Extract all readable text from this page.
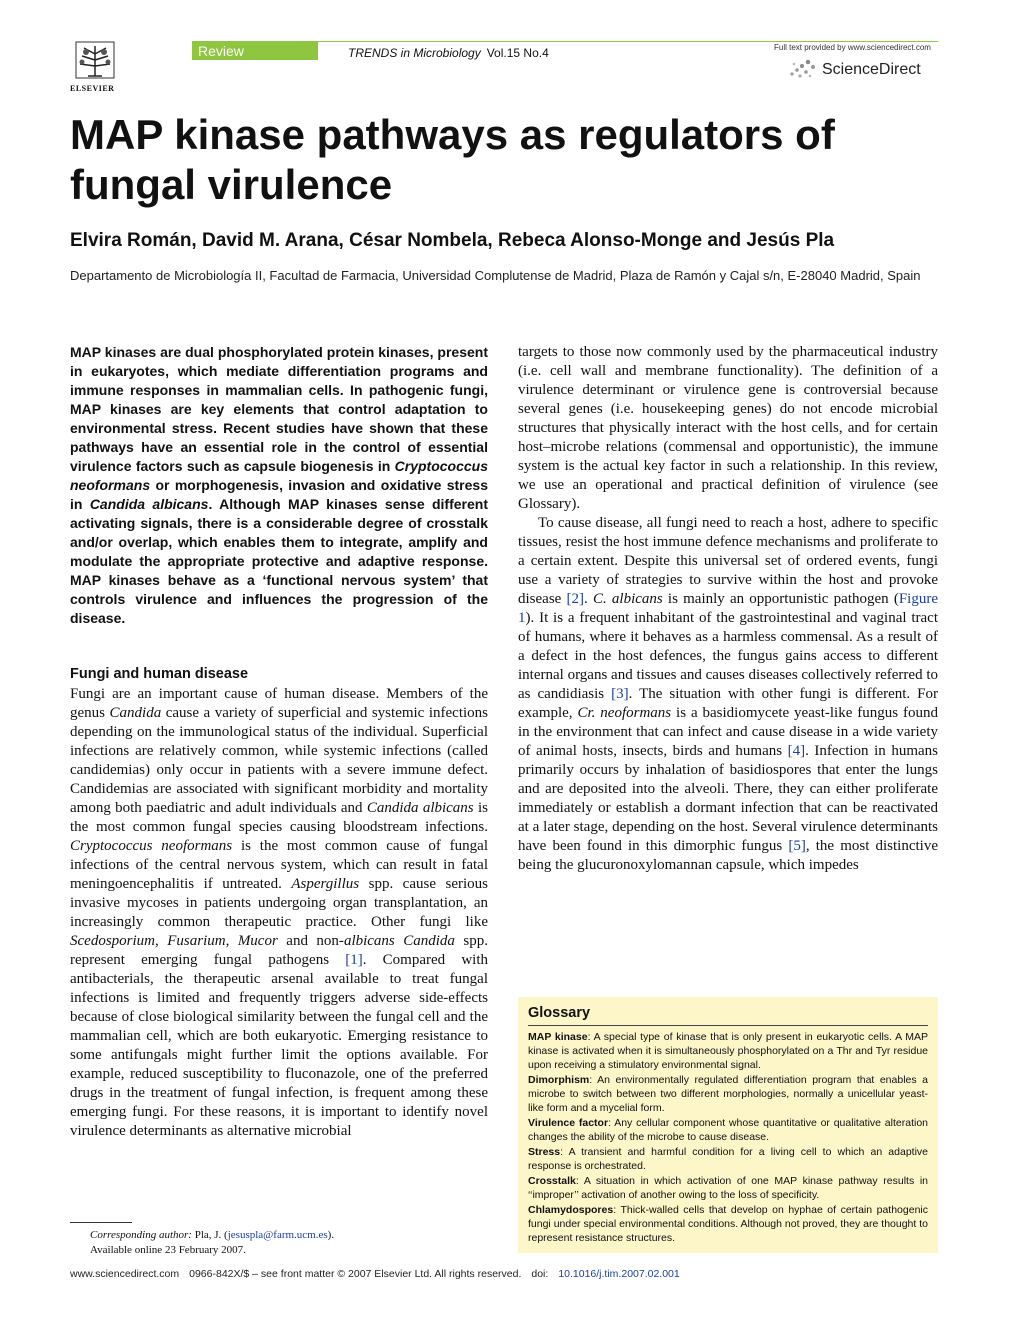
ELSEVIER
Review	TRENDS in Microbiology Vol.15 No.4	Full text provided by www.sciencedirect.com
ScienceDirect
MAP kinase pathways as regulators of fungal virulence
Elvira Román, David M. Arana, César Nombela, Rebeca Alonso-Monge and Jesús Pla
Departamento de Microbiología II, Facultad de Farmacia, Universidad Complutense de Madrid, Plaza de Ramón y Cajal s/n, E-28040 Madrid, Spain
MAP kinases are dual phosphorylated protein kinases, present in eukaryotes, which mediate differentiation programs and immune responses in mammalian cells. In pathogenic fungi, MAP kinases are key elements that control adaptation to environmental stress. Recent studies have shown that these pathways have an essential role in the control of essential virulence factors such as capsule biogenesis in Cryptococcus neoformans or morphogenesis, invasion and oxidative stress in Candida albicans. Although MAP kinases sense different activating signals, there is a considerable degree of crosstalk and/or overlap, which enables them to integrate, amplify and modulate the appropriate protective and adaptive response. MAP kinases behave as a ‘functional nervous system’ that controls virulence and influences the progression of the disease.
Fungi and human disease

Fungi are an important cause of human disease. Members of the genus Candida cause a variety of superficial and systemic infections depending on the immunological status of the individual. Superficial infections are relatively common, while systemic infections (called candidemias) only occur in patients with a severe immune defect. Candidemias are associated with significant morbidity and mortality among both paediatric and adult individuals and Candida albicans is the most common fungal species causing bloodstream infections. Cryptococcus neoformans is the most common cause of fungal infections of the central nervous system, which can result in fatal meningoencephalitis if untreated. Aspergillus spp. cause serious invasive mycoses in patients undergoing organ transplantation, an increasingly common therapeutic practice. Other fungi like Scedosporium, Fusarium, Mucor and non-albicans Candida spp. represent emerging fungal pathogens [1]. Compared with antibacterials, the therapeutic arsenal available to treat fungal infections is limited and frequently triggers adverse side-effects because of close biological similarity between the fungal cell and the mammalian cell, which are both eukaryotic. Emerging resistance to some antifungals might further limit the options available. For example, reduced susceptibility to fluconazole, one of the preferred drugs in the treatment of fungal infection, is frequent among these emerging fungi. For these reasons, it is important to identify novel virulence determinants as alternative microbial

targets to those now commonly used by the pharmaceutical industry (i.e. cell wall and membrane functionality). The definition of a virulence determinant or virulence gene is controversial because several genes (i.e. housekeeping genes) do not encode microbial structures that physically interact with the host cells, and for certain host–microbe relations (commensal and opportunistic), the immune system is the actual key factor in such a relationship. In this review, we use an operational and practical definition of virulence (see Glossary).

To cause disease, all fungi need to reach a host, adhere to specific tissues, resist the host immune defence mechanisms and proliferate to a certain extent. Despite this universal set of ordered events, fungi use a variety of strategies to survive within the host and provoke disease [2]. C. albicans is mainly an opportunistic pathogen (Figure 1). It is a frequent inhabitant of the gastrointestinal and vaginal tract of humans, where it behaves as a harmless commensal. As a result of a defect in the host defences, the fungus gains access to different internal organs and tissues and causes diseases collectively referred to as candidiasis [3]. The situation with other fungi is different. For example, Cr. neoformans is a basidiomycete yeast-like fungus found in the environment that can infect and cause disease in a wide variety of animal hosts, insects, birds and humans [4]. Infection in humans primarily occurs by inhalation of basidiospores that enter the lungs and are deposited into the alveoli. There, they can either proliferate immediately or establish a dormant infection that can be reactivated at a later stage, depending on the host. Several virulence determinants have been found in this dimorphic fungus [5], the most distinctive being the glucuronoxylomannan capsule, which impedes

Glossary
MAP kinase: A special type of kinase that is only present in eukaryotic cells. A MAP kinase is activated when it is simultaneously phosphorylated on a Thr and Tyr residue upon receiving a stimulatory environmental signal.
Dimorphism: An environmentally regulated differentiation program that enables a microbe to switch between two different morphologies, normally a unicellular yeast-like form and a mycelial form.
Virulence factor: Any cellular component whose quantitative or qualitative alteration changes the ability of the microbe to cause disease.
Stress: A transient and harmful condition for a living cell to which an adaptive response is orchestrated.
Crosstalk: A situation in which activation of one MAP kinase pathway results in ‘‘improper’’ activation of another owing to the loss of specificity.
Chlamydospores: Thick-walled cells that develop on hyphae of certain pathogenic fungi under special environmental conditions. Although not proved, they are thought to represent resistance structures.
Corresponding author: Pla, J. (jesuspla@farm.ucm.es).
Available online 23 February 2007.
www.sciencedirect.com 0966-842X/$ – see front matter © 2007 Elsevier Ltd. All rights reserved. doi: 10.1016/j.tim.2007.02.001
